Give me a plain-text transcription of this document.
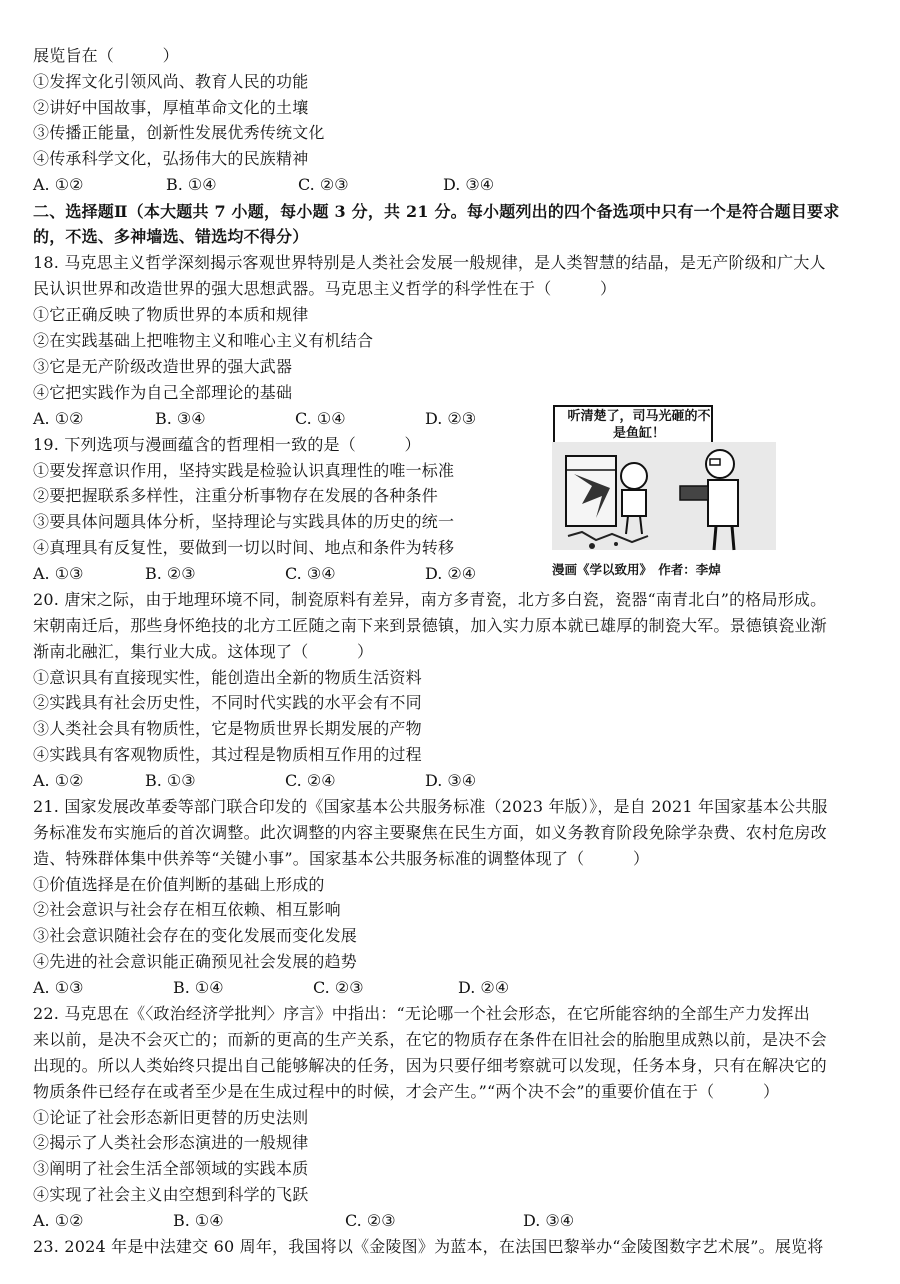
展览旨在（　　　）
①发挥文化引领风尚、教育人民的功能
②讲好中国故事，厚植革命文化的土壤
③传播正能量，创新性发展优秀传统文化
④传承科学文化，弘扬伟大的民族精神
A. ①②	B. ①④	C. ②③	D. ③④
二、选择题Ⅱ（本大题共 7 小题，每小题 3 分，共 21 分。每小题列出的四个备选项中只有一个是符合题目要求
的，不选、多神墙选、错选均不得分）
18. 马克思主义哲学深刻揭示客观世界特别是人类社会发展一般规律，是人类智慧的结晶，是无产阶级和广大人
民认识世界和改造世界的强大思想武器。马克思主义哲学的科学性在于（　　　）
①它正确反映了物质世界的本质和规律
②在实践基础上把唯物主义和唯心主义有机结合
③它是无产阶级改造世界的强大武器
④它把实践作为自己全部理论的基础
A. ①②	B. ③④	C. ①④	D. ②③
19. 下列选项与漫画蕴含的哲理相一致的是（　　　）
①要发挥意识作用，坚持实践是检验认识真理性的唯一标准
②要把握联系多样性，注重分析事物存在发展的各种条件
③要具体问题具体分析，坚持理论与实践具体的历史的统一
④真理具有反复性，要做到一切以时间、地点和条件为转移
A. ①③	B. ②③	C. ③④	D. ②④
听清楚了，司马光砸的不是鱼缸！
漫画《学以致用》　作者：李焯
20. 唐宋之际，由于地理环境不同，制瓷原料有差异，南方多青瓷，北方多白瓷，瓷器“南青北白”的格局形成。
宋朝南迁后，那些身怀绝技的北方工匠随之南下来到景德镇，加入实力原本就已雄厚的制瓷大军。景德镇瓷业渐
渐南北融汇，集行业大成。这体现了（　　　）
①意识具有直接现实性，能创造出全新的物质生活资料
②实践具有社会历史性，不同时代实践的水平会有不同
③人类社会具有物质性，它是物质世界长期发展的产物
④实践具有客观物质性，其过程是物质相互作用的过程
A. ①②	B. ①③	C. ②④	D. ③④
21. 国家发展改革委等部门联合印发的《国家基本公共服务标准（2023 年版）》，是自 2021 年国家基本公共服
务标准发布实施后的首次调整。此次调整的内容主要聚焦在民生方面，如义务教育阶段免除学杂费、农村危房改
造、特殊群体集中供养等“关键小事”。国家基本公共服务标准的调整体现了（　　　）
①价值选择是在价值判断的基础上形成的
②社会意识与社会存在相互依赖、相互影响
③社会意识随社会存在的变化发展而变化发展
④先进的社会意识能正确预见社会发展的趋势
A. ①③	B. ①④	C. ②③	D. ②④
22. 马克思在《〈政治经济学批判〉序言》中指出：“无论哪一个社会形态，在它所能容纳的全部生产力发挥出
来以前，是决不会灭亡的；而新的更高的生产关系，在它的物质存在条件在旧社会的胎胞里成熟以前，是决不会
出现的。所以人类始终只提出自己能够解决的任务，因为只要仔细考察就可以发现，任务本身，只有在解决它的
物质条件已经存在或者至少是在生成过程中的时候，才会产生。”“两个决不会”的重要价值在于（　　　）
①论证了社会形态新旧更替的历史法则
②揭示了人类社会形态演进的一般规律
③阐明了社会生活全部领域的实践本质
④实现了社会主义由空想到科学的飞跃
A. ①②	B. ①④	C. ②③	D. ③④
23. 2024 年是中法建交 60 周年，我国将以《金陵图》为蓝本，在法国巴黎举办“金陵图数字艺术展”。展览将
